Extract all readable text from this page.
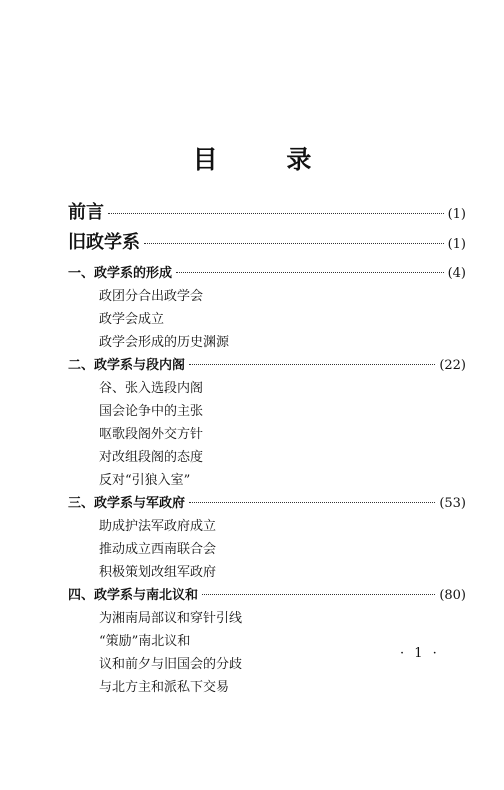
目 录
前言	(1)
旧政学系	(1)
一、政学系的形成	(4)
政团分合出政学会
政学会成立
政学会形成的历史渊源
二、政学系与段内阁	(22)
谷、张入选段内阁
国会论争中的主张
呕歌段阁外交方针
对改组段阁的态度
反对“引狼入室”
三、政学系与军政府	(53)
助成护法军政府成立
推动成立西南联合会
积极策划改组军政府
四、政学系与南北议和	(80)
为湘南局部议和穿针引线
“策励”南北议和
议和前夕与旧国会的分歧
与北方主和派私下交易
· 1 ·
